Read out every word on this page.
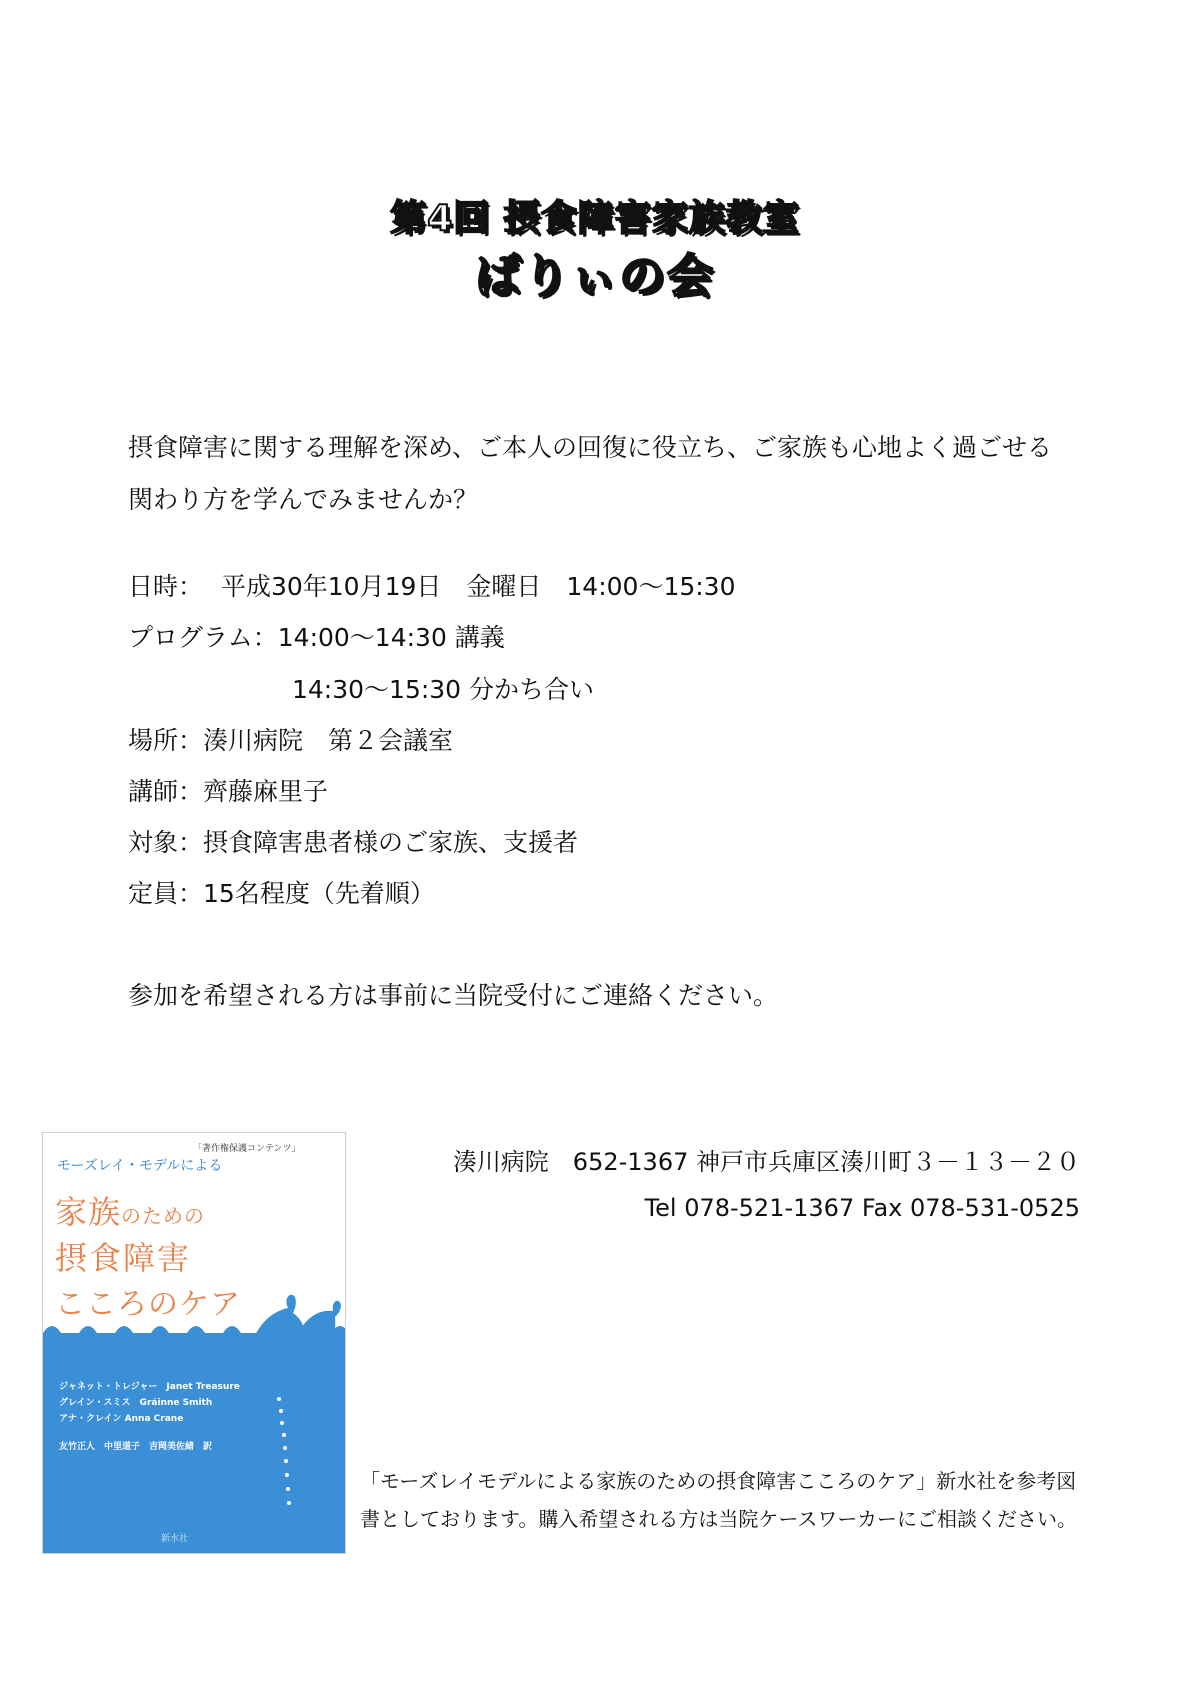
第4回 摂食障害家族教室
ばりぃの会
摂食障害に関する理解を深め、ご本人の回復に役立ち、ご家族も心地よく過ごせる関わり方を学んでみませんか？
日時： 平成30年10月19日　金曜日　14:00～15:30
プログラム：14:00～14:30 講義
14:30～15:30 分かち合い
場所：湊川病院　第２会議室
講師：齊藤麻里子
対象：摂食障害患者様のご家族、支援者
定員：15名程度（先着順）
参加を希望される方は事前に当院受付にご連絡ください。
湊川病院　652-1367 神戸市兵庫区湊川町３－１３－２０
Tel 078-521-1367 Fax 078-531-0525
「著作権保護コンテンツ」
モーズレイ・モデルによる
家族のための
摂食障害
こころのケア
ジャネット・トレジャー　Janet Treasure
グレイン・スミス　Gráinne Smith
アナ・クレイン Anna Crane
友竹正人　中里道子　吉岡美佐緒　訳
新水社
「モーズレイモデルによる家族のための摂食障害こころのケア」新水社を参考図書としております。購入希望される方は当院ケースワーカーにご相談ください。
